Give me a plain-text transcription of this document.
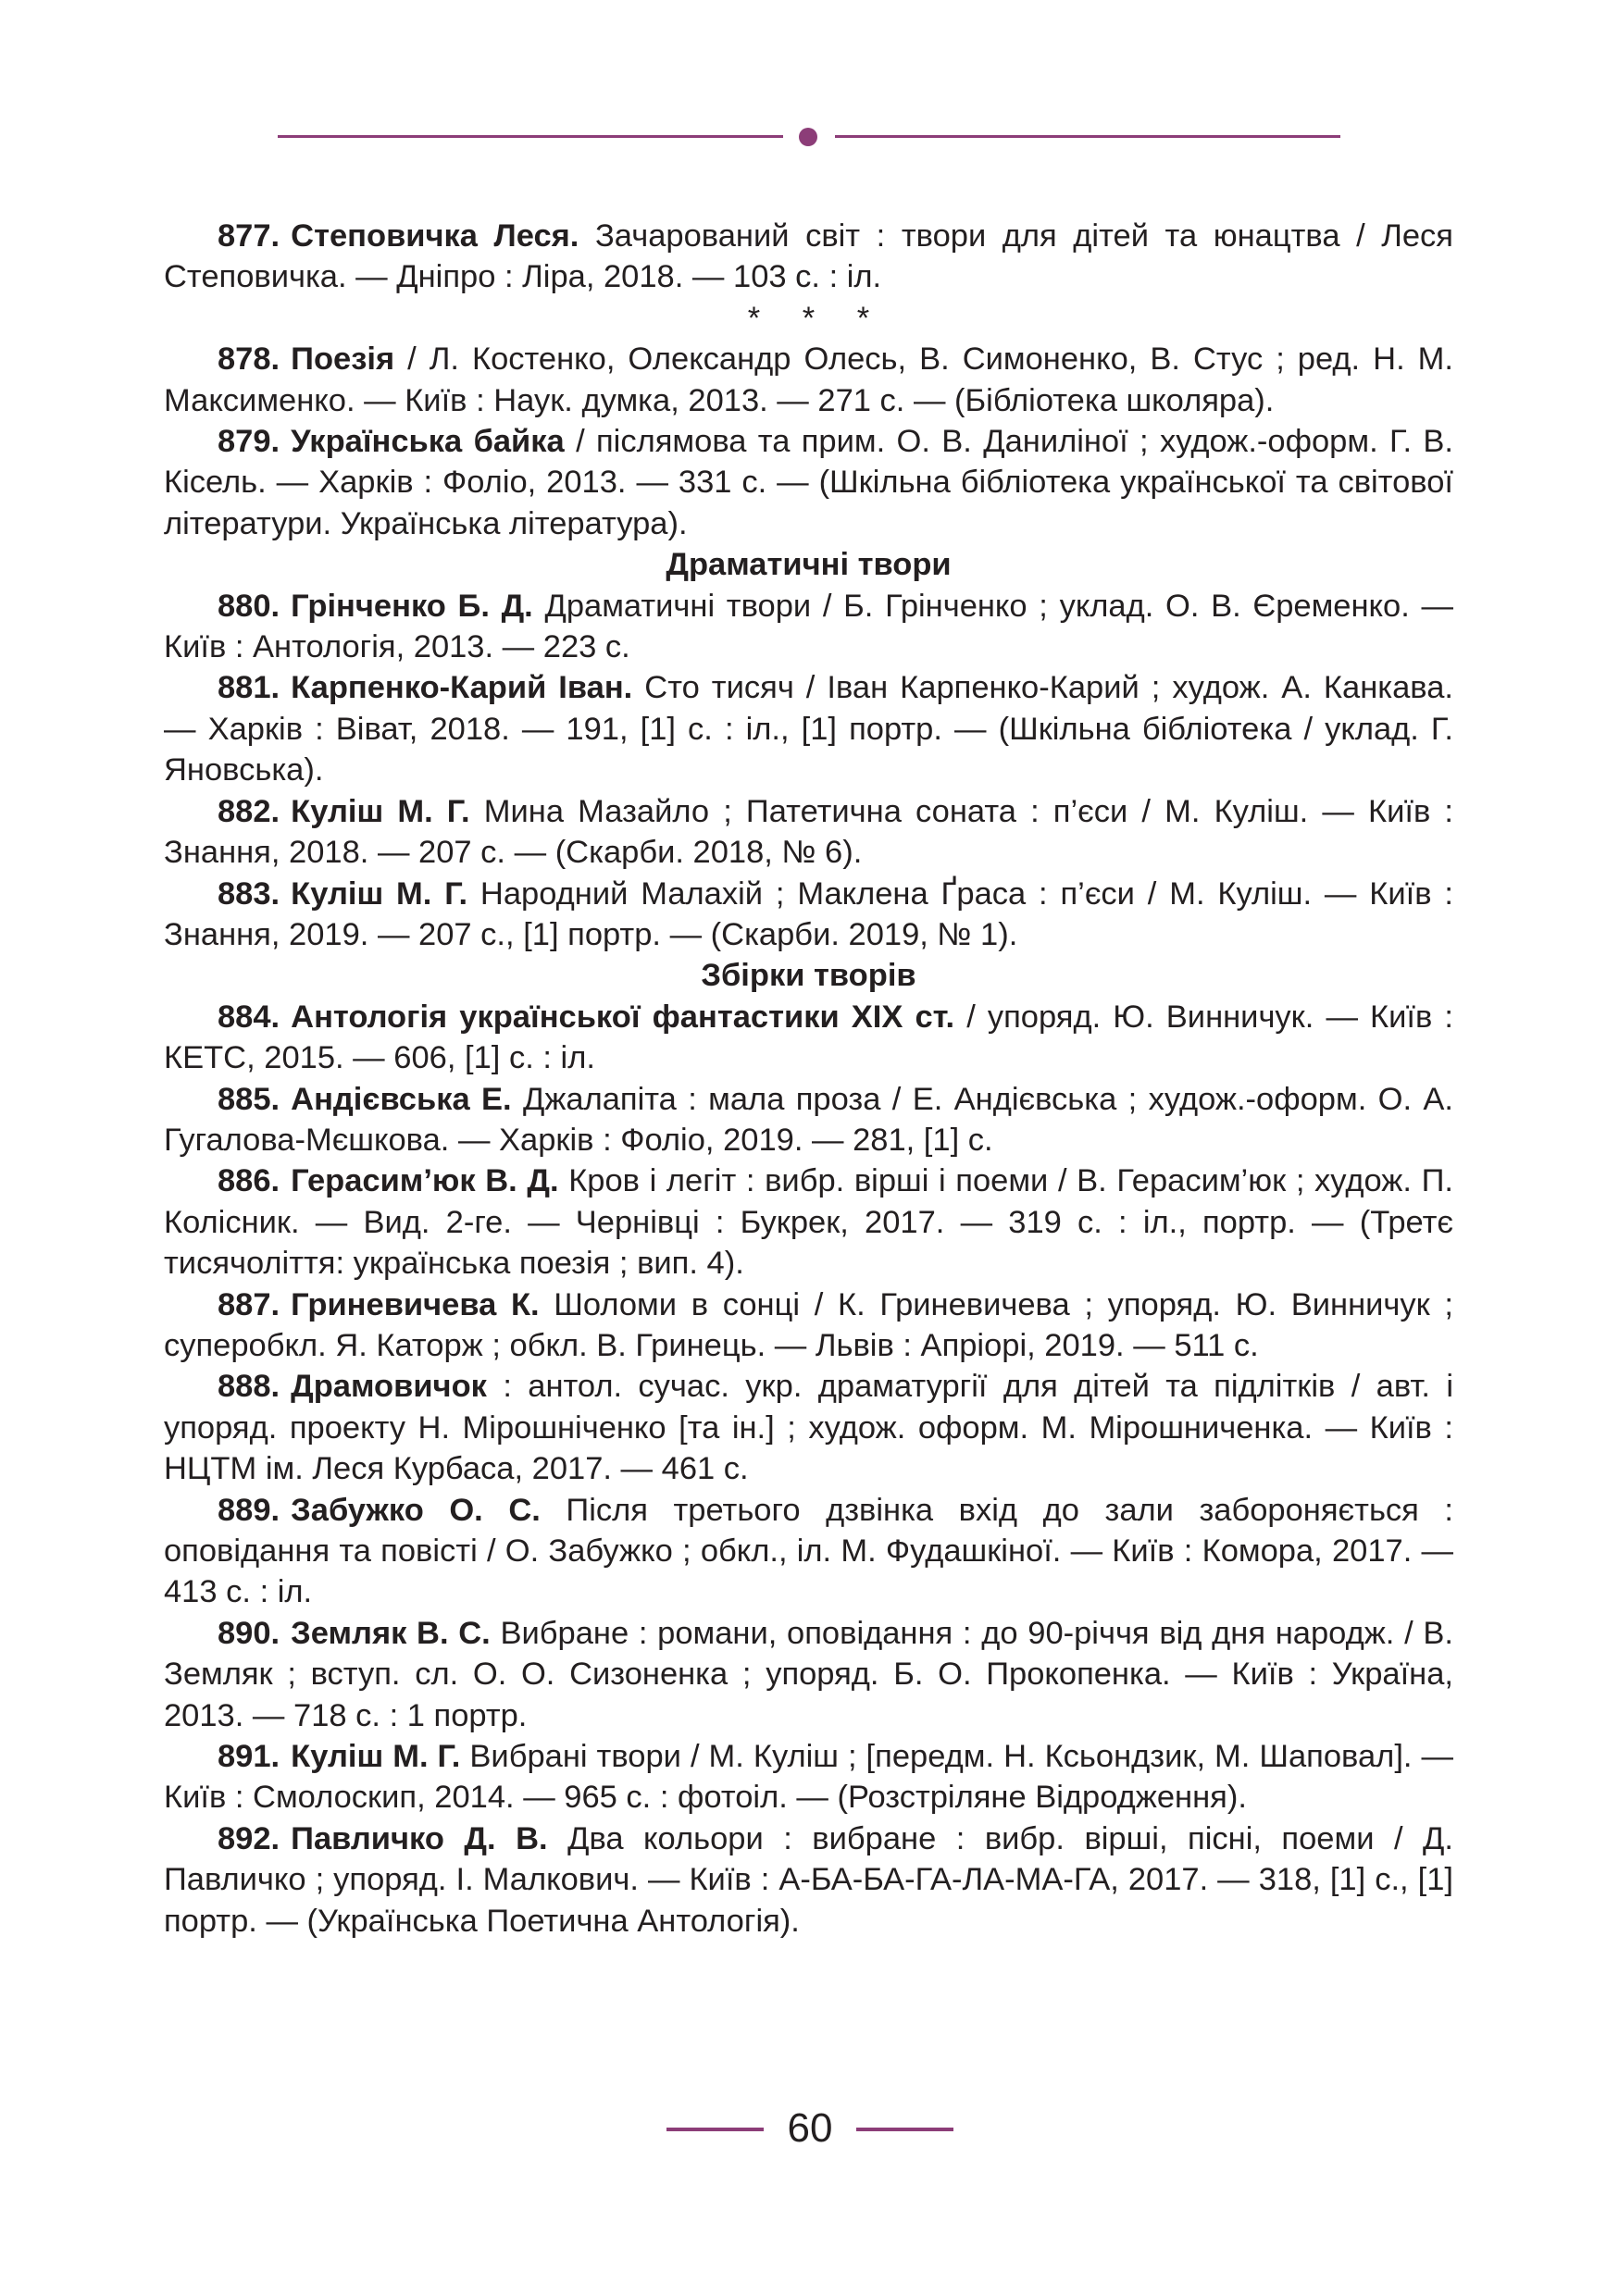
877. Степовичка Леся. Зачарований світ : твори для дітей та юнацтва / Леся Степовичка. — Дніпро : Ліра, 2018. — 103 с. : іл.

* * *

878. Поезія / Л. Костенко, Олександр Олесь, В. Симоненко, В. Стус ; ред. Н. М. Максименко. — Київ : Наук. думка, 2013. — 271 с. — (Бібліотека школяра).

879. Українська байка / післямова та прим. О. В. Даниліної ; худож.-оформ. Г. В. Кісель. — Харків : Фоліо, 2013. — 331 с. — (Шкільна бібліотека української та світової літератури. Українська література).

Драматичні твори

880. Грінченко Б. Д. Драматичні твори / Б. Грінченко ; уклад. О. В. Єременко. — Київ : Антологія, 2013. — 223 с.

881. Карпенко-Карий Іван. Сто тисяч / Іван Карпенко-Карий ; худож. А. Канкава. — Харків : Віват, 2018. — 191, [1] с. : іл., [1] портр. — (Шкільна бібліотека / уклад. Г. Яновська).

882. Куліш М. Г. Мина Мазайло ; Патетична соната : п’єси / М. Куліш. — Київ : Знання, 2018. — 207 с. — (Скарби. 2018, № 6).

883. Куліш М. Г. Народний Малахій ; Маклена Ґраса : п’єси / М. Куліш. — Київ : Знання, 2019. — 207 с., [1] портр. — (Скарби. 2019, № 1).

Збірки творів

884. Антологія української фантастики XIX ст. / упоряд. Ю. Винничук. — Київ : КЕТС, 2015. — 606, [1] с. : іл.

885. Андієвська Е. Джалапіта : мала проза / Е. Андієвська ; худож.-оформ. О. А. Гугалова-Мєшкова. — Харків : Фоліо, 2019. — 281, [1] с.

886. Герасим’юк В. Д. Кров і легіт : вибр. вірші і поеми / В. Герасим’юк ; худож. П. Колісник. — Вид. 2-ге. — Чернівці : Букрек, 2017. — 319 с. : іл., портр. — (Третє тисячоліття: українська поезія ; вип. 4).

887. Гриневичева К. Шоломи в сонці / К. Гриневичева ; упоряд. Ю. Винничук ; суперобкл. Я. Каторж ; обкл. В. Гринець. — Львів : Апріорі, 2019. — 511 с.

888. Драмовичок : антол. сучас. укр. драматургії для дітей та підлітків / авт. і упоряд. проекту Н. Мірошніченко [та ін.] ; худож. оформ. М. Мірошниченка. — Київ : НЦТМ ім. Леся Курбаса, 2017. — 461 с.

889. Забужко О. С. Після третього дзвінка вхід до зали забороняється : оповідання та повісті / О. Забужко ; обкл., іл. М. Фудашкіної. — Київ : Комора, 2017. — 413 с. : іл.

890. Земляк В. С. Вибране : романи, оповідання : до 90-річчя від дня народж. / В. Земляк ; вступ. сл. О. О. Сизоненка ; упоряд. Б. О. Прокопенка. — Київ : Україна, 2013. — 718 с. : 1 портр.

891. Куліш М. Г. Вибрані твори / М. Куліш ; [передм. Н. Ксьондзик, М. Шаповал]. — Київ : Смолоскип, 2014. — 965 с. : фотоіл. — (Розстріляне Відродження).

892. Павличко Д. В. Два кольори : вибране : вибр. вірші, пісні, поеми / Д. Павличко ; упоряд. І. Малкович. — Київ : А-БА-БА-ГА-ЛА-МА-ГА, 2017. — 318, [1] с., [1] портр. — (Українська Поетична Антологія).

60
